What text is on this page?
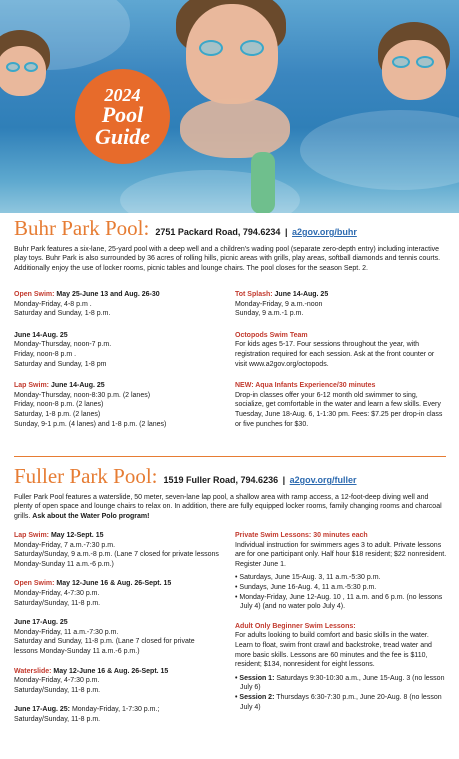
2024
Pool
Guide
Buhr Park Pool: 2751 Packard Road, 794.6234 | a2gov.org/buhr

Buhr Park features a six-lane, 25-yard pool with a deep well and a children's wading pool (separate zero-depth entry) including interactive play toys. Buhr Park is also surrounded by 36 acres of rolling hills, picnic areas with grills, play areas, softball diamonds and tennis courts. Additionally enjoy the use of locker rooms, picnic tables and lounge chairs. The pool closes for the season Sept. 2.

Open Swim: May 25-June 13 and Aug. 26-30
Monday-Friday, 4-8 p.m .
Saturday and Sunday, 1-8 p.m.
June 14-Aug. 25
Monday-Thursday, noon-7 p.m.
Friday, noon-8 p.m .
Saturday and Sunday, 1-8 pm
Lap Swim: June 14-Aug. 25
Monday-Thursday, noon-8:30 p.m. (2 lanes)
Friday, noon-8 p.m. (2 lanes)
Saturday, 1-8 p.m. (2 lanes)
Sunday, 9-1 p.m. (4 lanes) and 1-8 p.m. (2 lanes)
Tot Splash: June 14-Aug. 25
Monday-Friday, 9 a.m.-noon
Sunday, 9 a.m.-1 p.m.
Octopods Swim Team
For kids ages 5-17. Four sessions throughout the year, with registration required for each session. Ask at the front counter or visit www.a2gov.org/octopods.
NEW: Aqua Infants Experience/30 minutes
Drop-in classes offer your 6-12 month old swimmer to sing, socialize, get comfortable in the water and learn a few skills. Every Tuesday, June 18-Aug. 6, 1-1:30 pm. Fees: $7.25 per drop-in class or five punches for $30.
Fuller Park Pool: 1519 Fuller Road, 794.6236 | a2gov.org/fuller

Fuller Park Pool features a waterslide, 50 meter, seven-lane lap pool, a shallow area with ramp access, a 12-foot-deep diving well and plenty of open space and lounge chairs to relax on. In addition, there are fully equipped locker rooms, family changing rooms and charcoal grills. Ask about the Water Polo program!

Lap Swim: May 12-Sept. 15
Monday-Friday, 7 a.m.-7:30 p.m.
Saturday/Sunday, 9 a.m.-8 p.m. (Lane 7 closed for private lessons Monday-Sunday 11 a.m.-6 p.m.)
Open Swim: May 12-June 16 & Aug. 26-Sept. 15
Monday-Friday, 4-7:30 p.m.
Saturday/Sunday, 11-8 p.m.
June 17-Aug. 25
Monday-Friday, 11 a.m.-7:30 p.m.
Saturday and Sunday, 11-8 p.m. (Lane 7 closed for private lessons Monday-Sunday 11 a.m.-6 p.m.)
Waterslide: May 12-June 16 & Aug. 26-Sept. 15
Monday-Friday, 4-7:30 p.m.
Saturday/Sunday, 11-8 p.m.
June 17-Aug. 25: Monday-Friday, 1-7:30 p.m.;
Saturday/Sunday, 11-8 p.m.
Private Swim Lessons: 30 minutes each
Individual instruction for swimmers ages 3 to adult. Private lessons are for one participant only. Half hour $18 resident; $22 nonresident. Register June 1.
• Saturdays, June 15-Aug. 3, 11 a.m.-5:30 p.m.
• Sundays, June 16-Aug. 4, 11 a.m.-5:30 p.m.
• Monday-Friday, June 12-Aug. 10 , 11 a.m. and 6 p.m. (no lessons July 4) (and no water polo July 4).
Adult Only Beginner Swim Lessons:
For adults looking to build comfort and basic skills in the water. Learn to float, swim front crawl and backstroke, tread water and more basic skills. Lessons are 60 minutes and the fee is $110, resident; $134, nonresident for eight lessons.
• Session 1: Saturdays 9:30-10:30 a.m., June 15-Aug. 3 (no lesson July 6)
• Session 2: Thursdays 6:30-7:30 p.m., June 20-Aug. 8 (no lesson July 4)
